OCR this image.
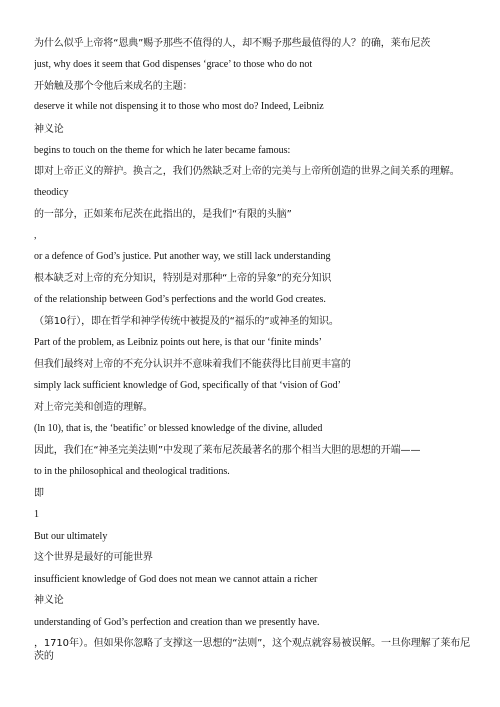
为什么似乎上帝将“恩典”赐予那些不值得的人，却不赐予那些最值得的人？的确，莱布尼茨
just, why does it seem that God dispenses ‘grace’ to those who do not
开始触及那个令他后来成名的主题：
deserve it while not dispensing it to those who most do? Indeed, Leibniz
神义论
begins to touch on the theme for which he later became famous:
即对上帝正义的辩护。换言之，我们仍然缺乏对上帝的完美与上帝所创造的世界之间关系的理解。
theodicy
的一部分，正如莱布尼茨在此指出的，是我们“有限的头脑”
,
or a defence of God’s justice. Put another way, we still lack understanding
根本缺乏对上帝的充分知识，特别是对那种“上帝的异象”的充分知识
of the relationship between God’s perfections and the world God creates.
（第10行），即在哲学和神学传统中被提及的“福乐的”或神圣的知识。
Part of the problem, as Leibniz points out here, is that our ‘finite minds’
但我们最终对上帝的不充分认识并不意味着我们不能获得比目前更丰富的
simply lack sufficient knowledge of God, specifically of that ‘vision of God’
对上帝完美和创造的理解。
(ln 10), that is, the ‘beatific’ or blessed knowledge of the divine, alluded
因此，我们在“神圣完美法则”中发现了莱布尼茨最著名的那个相当大胆的思想的开端——
to in the philosophical and theological traditions.
即
1
But our ultimately
这个世界是最好的可能世界
insufficient knowledge of God does not mean we cannot attain a richer
神义论
understanding of God’s perfection and creation than we presently have.
，1710年）。但如果你忽略了支撑这一思想的“法则”，这个观点就容易被误解。一旦你理解了莱布尼茨的
